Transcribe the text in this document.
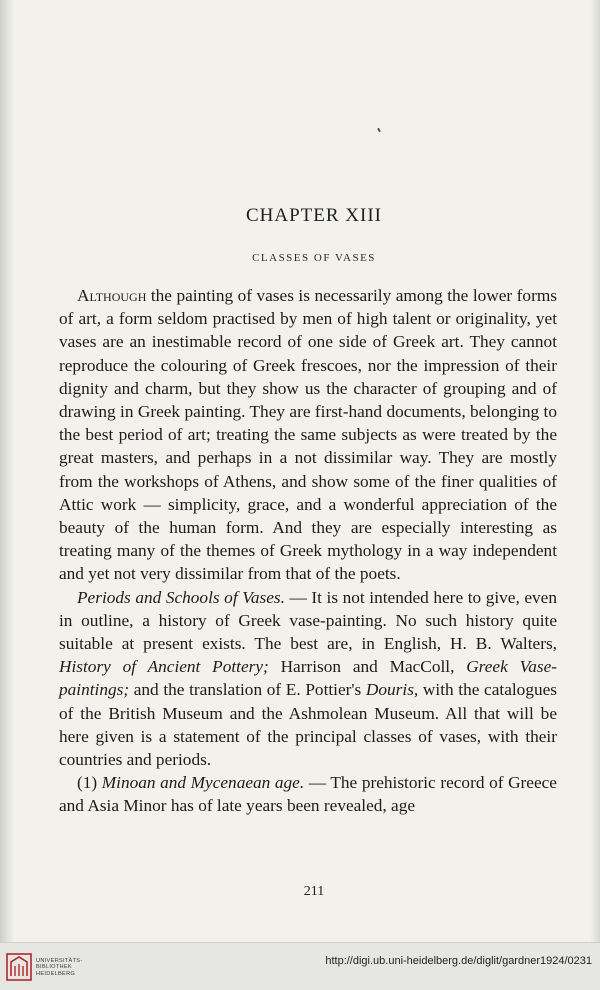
CHAPTER XIII
CLASSES OF VASES

Although the painting of vases is necessarily among the lower forms of art, a form seldom practised by men of high talent or originality, yet vases are an inestimable record of one side of Greek art. They cannot reproduce the colouring of Greek frescoes, nor the impression of their dignity and charm, but they show us the character of grouping and of drawing in Greek painting. They are first-hand documents, belonging to the best period of art; treating the same subjects as were treated by the great masters, and perhaps in a not dissimilar way. They are mostly from the workshops of Athens, and show some of the finer qualities of Attic work — simplicity, grace, and a wonderful appreciation of the beauty of the human form. And they are especially interesting as treating many of the themes of Greek mythology in a way independent and yet not very dissimilar from that of the poets.

Periods and Schools of Vases. — It is not intended here to give, even in outline, a history of Greek vase-painting. No such history quite suitable at present exists. The best are, in English, H. B. Walters, History of Ancient Pottery; Harrison and MacColl, Greek Vase-paintings; and the translation of E. Pottier's Douris, with the catalogues of the British Museum and the Ashmolean Museum. All that will be here given is a statement of the principal classes of vases, with their countries and periods.

(1) Minoan and Mycenaean age. — The prehistoric record of Greece and Asia Minor has of late years been revealed, age

211
UNIVERSITÄTS-
BIBLIOTHEK
HEIDELBERG
http://digi.ub.uni-heidelberg.de/diglit/gardner1924/0231
